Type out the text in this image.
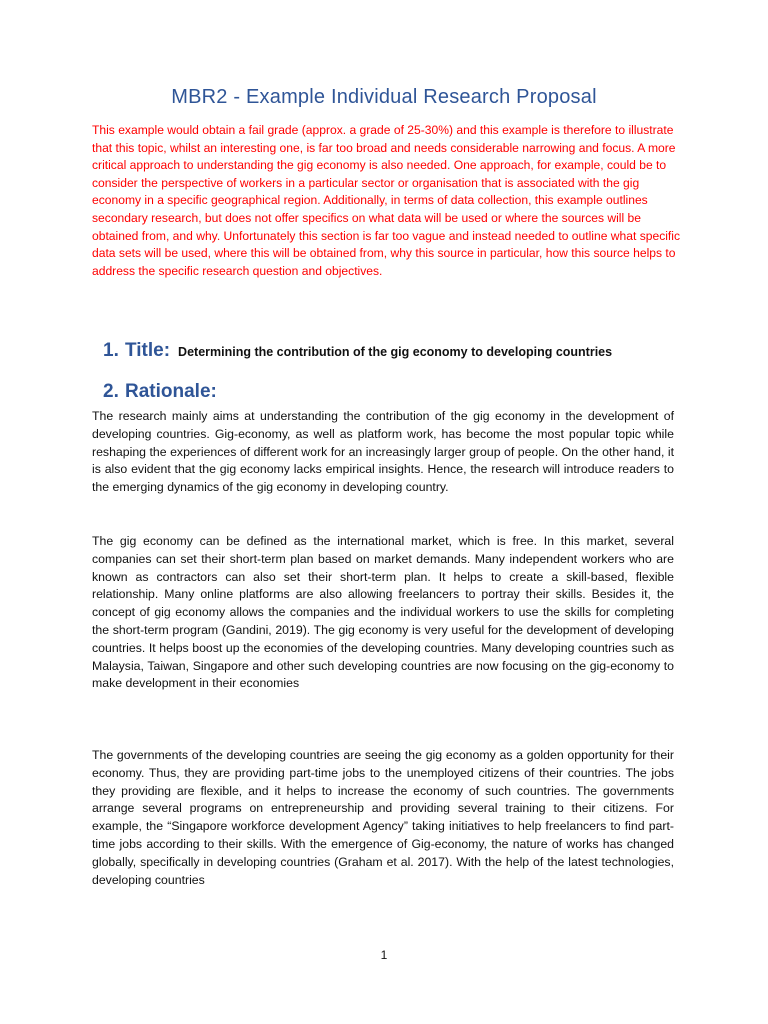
MBR2 - Example Individual Research Proposal

This example would obtain a fail grade (approx. a grade of 25-30%) and this example is therefore to illustrate that this topic, whilst an interesting one, is far too broad and needs considerable narrowing and focus. A more critical approach to understanding the gig economy is also needed. One approach, for example, could be to consider the perspective of workers in a particular sector or organisation that is associated with the gig economy in a specific geographical region. Additionally, in terms of data collection, this example outlines secondary research, but does not offer specifics on what data will be used or where the sources will be obtained from, and why. Unfortunately this section is far too vague and instead needed to outline what specific data sets will be used, where this will be obtained from, why this source in particular, how this source helps to address the specific research question and objectives.

1. Title: Determining the contribution of the gig economy to developing countries
2. Rationale:

The research mainly aims at understanding the contribution of the gig economy in the development of developing countries. Gig-economy, as well as platform work, has become the most popular topic while reshaping the experiences of different work for an increasingly larger group of people. On the other hand, it is also evident that the gig economy lacks empirical insights. Hence, the research will introduce readers to the emerging dynamics of the gig economy in developing country.

The gig economy can be defined as the international market, which is free. In this market, several companies can set their short-term plan based on market demands. Many independent workers who are known as contractors can also set their short-term plan. It helps to create a skill-based, flexible relationship. Many online platforms are also allowing freelancers to portray their skills. Besides it, the concept of gig economy allows the companies and the individual workers to use the skills for completing the short-term program (Gandini, 2019). The gig economy is very useful for the development of developing countries. It helps boost up the economies of the developing countries. Many developing countries such as Malaysia, Taiwan, Singapore and other such developing countries are now focusing on the gig-economy to make development in their economies

The governments of the developing countries are seeing the gig economy as a golden opportunity for their economy. Thus, they are providing part-time jobs to the unemployed citizens of their countries. The jobs they providing are flexible, and it helps to increase the economy of such countries. The governments arrange several programs on entrepreneurship and providing several training to their citizens. For example, the “Singapore workforce development Agency” taking initiatives to help freelancers to find part-time jobs according to their skills. With the emergence of Gig-economy, the nature of works has changed globally, specifically in developing countries (Graham et al. 2017). With the help of the latest technologies, developing countries

1
